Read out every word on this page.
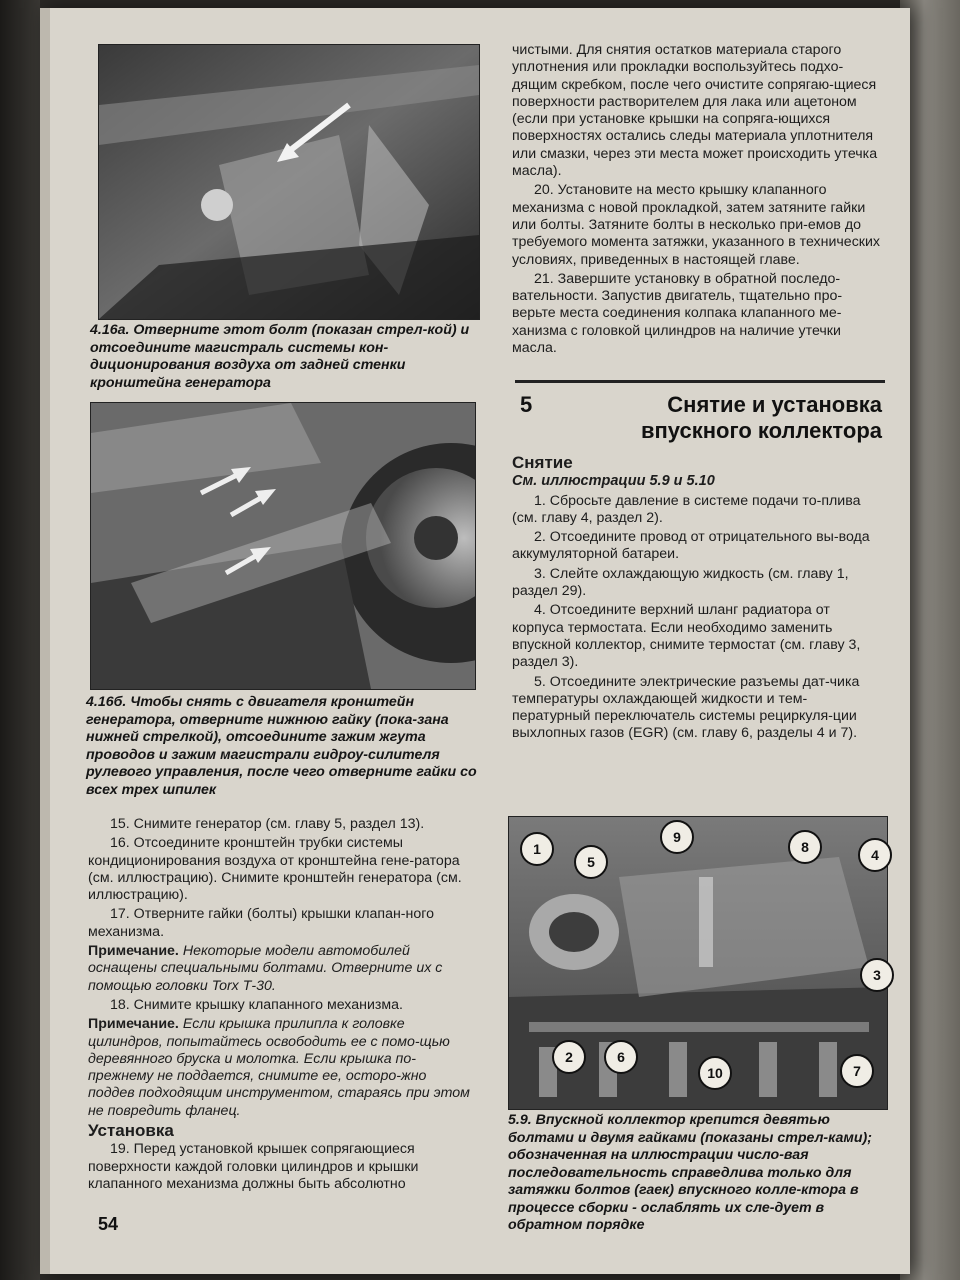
4.16а. Отверните этот болт (показан стрел-кой) и отсоедините магистраль системы кон-диционирования воздуха от задней стенки кронштейна генератора
4.16б. Чтобы снять с двигателя кронштейн генератора, отверните нижнюю гайку (пока-зана нижней стрелкой), отсоедините зажим жгута проводов и зажим магистрали гидроу-силителя рулевого управления, после чего отверните гайки со всех трех шпилек

15. Снимите генератор (см. главу 5, раздел 13).

16. Отсоедините кронштейн трубки системы кондиционирования воздуха от кронштейна гене-ратора (см. иллюстрацию). Снимите кронштейн генератора (см. иллюстрацию).

17. Отверните гайки (болты) крышки клапан-ного механизма.

Примечание. Некоторые модели автомобилей оснащены специальными болтами. Отверните их с помощью головки Torx Т-30.

18. Снимите крышку клапанного механизма.

Примечание. Если крышка прилипла к головке цилиндров, попытайтесь освободить ее с помо-щью деревянного бруска и молотка. Если крышка по-прежнему не поддается, снимите ее, осторо-жно поддев подходящим инструментом, стараясь при этом не повредить фланец.

Установка

19. Перед установкой крышек сопрягающиеся поверхности каждой головки цилиндров и крышки клапанного механизма должны быть абсолютно

54

чистыми. Для снятия остатков материала старого уплотнения или прокладки воспользуйтесь подхо-дящим скребком, после чего очистите сопрягаю-щиеся поверхности растворителем для лака или ацетоном (если при установке крышки на сопряга-ющихся поверхностях остались следы материала уплотнителя или смазки, через эти места может происходить утечка масла).

20. Установите на место крышку клапанного механизма с новой прокладкой, затем затяните гайки или болты. Затяните болты в несколько при-емов до требуемого момента затяжки, указанного в технических условиях, приведенных в настоящей главе.

21. Завершите установку в обратной последо-вательности. Запустив двигатель, тщательно про-верьте места соединения колпака клапанного ме-ханизма с головкой цилиндров на наличие утечки масла.

5	Снятие и установка впускного коллектора

Снятие

См. иллюстрации 5.9 и 5.10

1. Сбросьте давление в системе подачи то-плива (см. главу 4, раздел 2).

2. Отсоедините провод от отрицательного вы-вода аккумуляторной батареи.

3. Слейте охлаждающую жидкость (см. главу 1, раздел 29).

4. Отсоедините верхний шланг радиатора от корпуса термостата. Если необходимо заменить впускной коллектор, снимите термостат (см. главу 3, раздел 3).

5. Отсоедините электрические разъемы дат-чика температуры охлаждающей жидкости и тем-пературный переключатель системы рециркуля-ции выхлопных газов (EGR) (см. главу 6, разделы 4 и 7).

1
5
9
8	4
3
2	6
10	7
5.9. Впускной коллектор крепится девятью болтами и двумя гайками (показаны стрел-ками); обозначенная на иллюстрации число-вая последовательность справедлива только для затяжки болтов (гаек) впускного колле-ктора в процессе сборки - ослаблять их сле-дует в обратном порядке
